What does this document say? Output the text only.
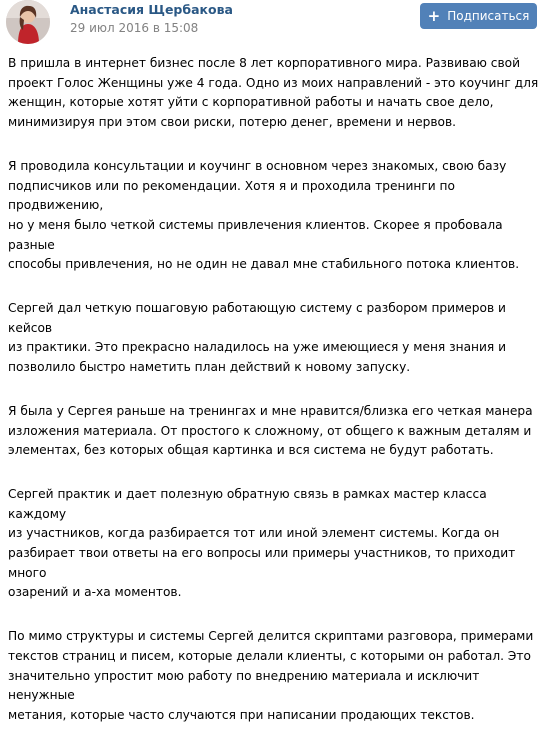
Анастасия Щербакова
29 июл 2016 в 15:08
+ Подписаться

В пришла в интернет бизнес после 8 лет корпоративного мира. Развиваю свой
проект Голос Женщины уже 4 года. Одно из моих направлений - это коучинг для
женщин, которые хотят уйти с корпоративной работы и начать свое дело,
минимизируя при этом свои риски, потерю денег, времени и нервов.

Я проводила консультации и коучинг в основном через знакомых, свою базу
подписчиков или по рекомендации. Хотя я и проходила тренинги по продвижению,
но у меня было четкой системы привлечения клиентов. Скорее я пробовала разные
способы привлечения, но не один не давал мне стабильного потока клиентов.

Сергей дал четкую пошаговую работающую систему с разбором примеров и кейсов
из практики. Это прекрасно наладилось на уже имеющиеся у меня знания и
позволило быстро наметить план действий к новому запуску.

Я была у Сергея раньше на тренингах и мне нравится/близка его четкая манера
изложения материала. От простого к сложному, от общего к важным деталям и
элементах, без которых общая картинка и вся система не будут работать.

Сергей практик и дает полезную обратную связь в рамках мастер класса каждому
из участников, когда разбирается тот или иной элемент системы. Когда он
разбирает твои ответы на его вопросы или примеры участников, то приходит много
озарений и а-ха моментов.

По мимо структуры и системы Сергей делится скриптами разговора, примерами
текстов страниц и писем, которые делали клиенты, с которыми он работал. Это
значительно упростит мою работу по внедрению материала и исключит ненужные
метания, которые часто случаются при написании продающих текстов.
